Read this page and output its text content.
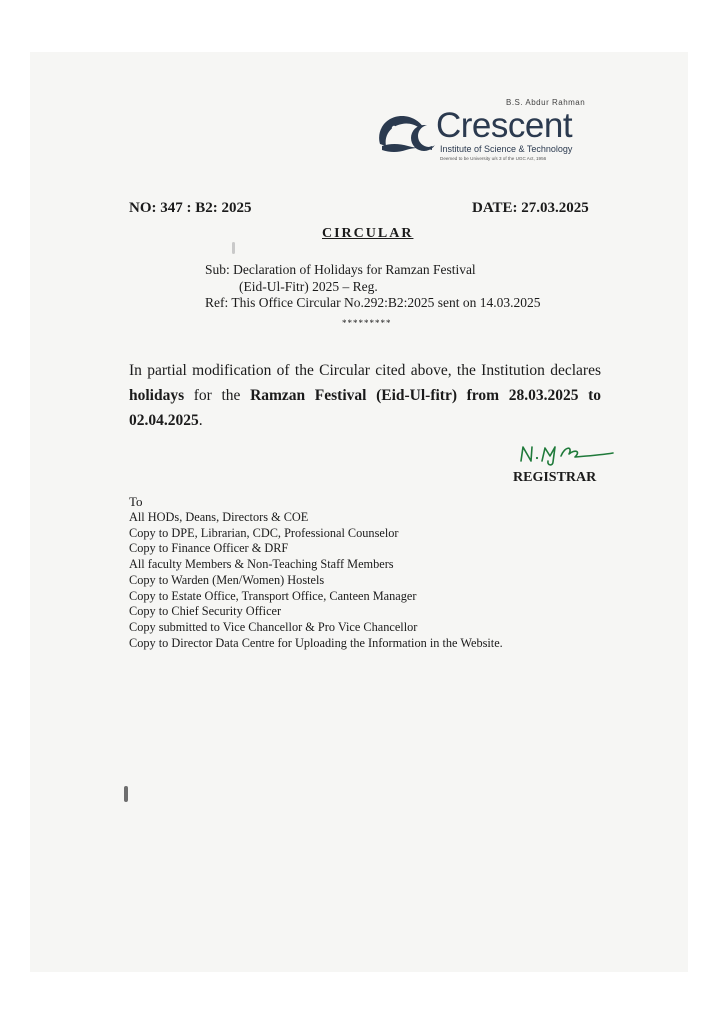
B.S. Abdur Rahman
Crescent
Institute of Science & Technology
Deemed to be University u/s 3 of the UGC Act, 1956
NO: 347 : B2: 2025	DATE: 27.03.2025
CIRCULAR
Sub: Declaration of Holidays for Ramzan Festival
(Eid-Ul-Fitr) 2025 – Reg.
Ref: This Office Circular No.292:B2:2025 sent on 14.03.2025
*********
In partial modification of the Circular cited above, the Institution declares holidays for the Ramzan Festival (Eid-Ul-fitr) from 28.03.2025 to 02.04.2025.
REGISTRAR
To
All HODs, Deans, Directors & COE
Copy to DPE, Librarian, CDC, Professional Counselor
Copy to Finance Officer & DRF
All faculty Members & Non-Teaching Staff Members
Copy to Warden (Men/Women) Hostels
Copy to Estate Office, Transport Office, Canteen Manager
Copy to Chief Security Officer
Copy submitted to Vice Chancellor & Pro Vice Chancellor
Copy to Director Data Centre for Uploading the Information in the Website.
